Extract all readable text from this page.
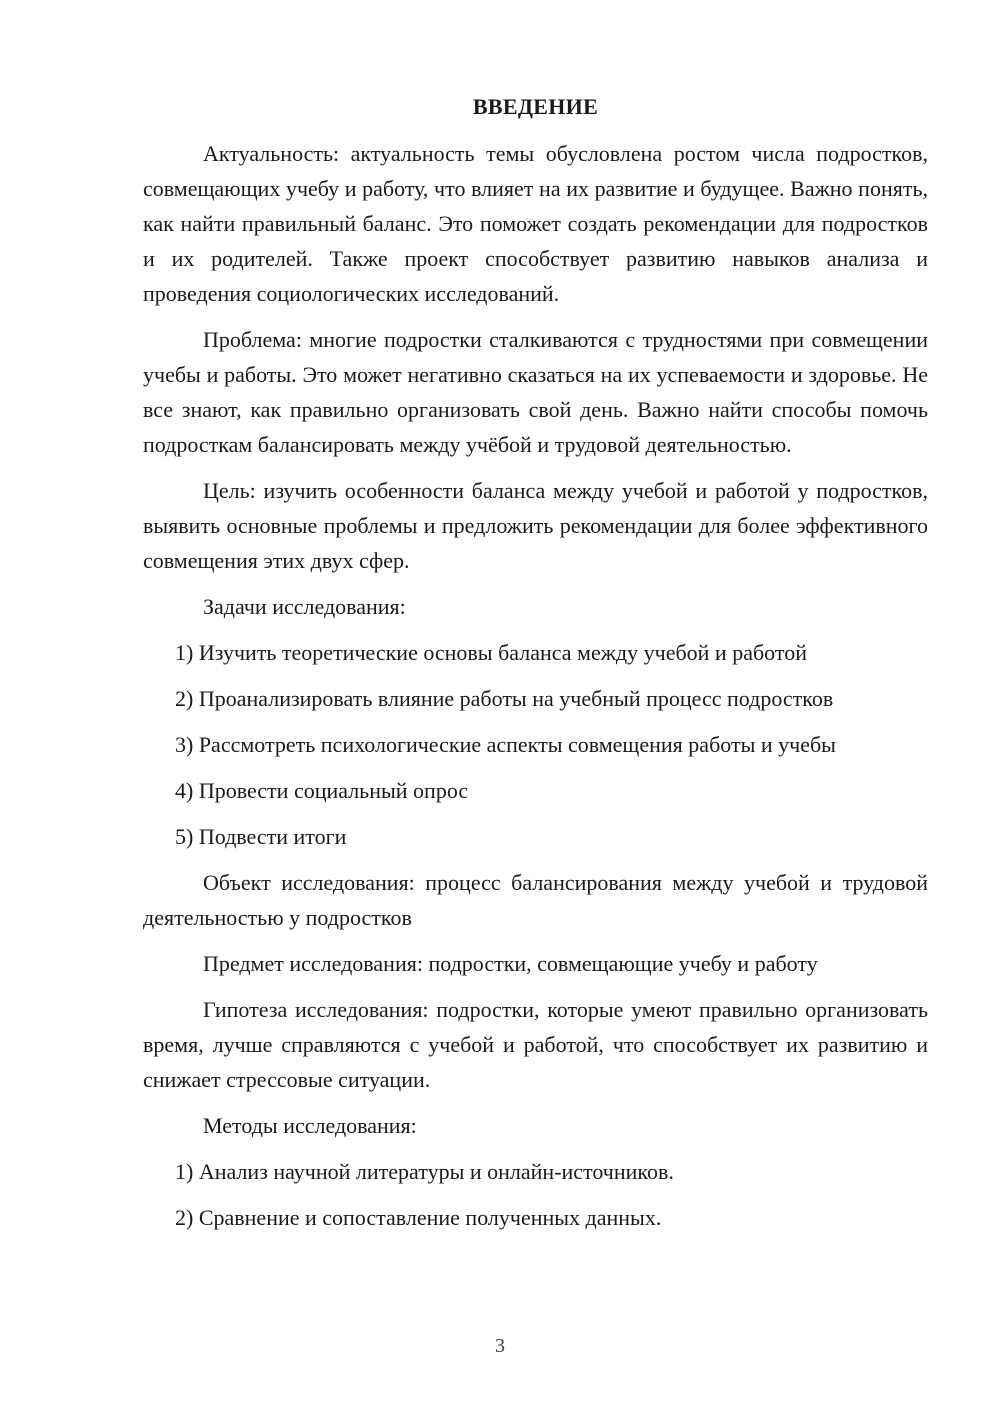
ВВЕДЕНИЕ

Актуальность: актуальность темы обусловлена ростом числа подростков, совмещающих учебу и работу, что влияет на их развитие и будущее. Важно понять, как найти правильный баланс. Это поможет создать рекомендации для подростков и их родителей. Также проект способствует развитию навыков анализа и проведения социологических исследований.

Проблема: многие подростки сталкиваются с трудностями при совмещении учебы и работы. Это может негативно сказаться на их успеваемости и здоровье. Не все знают, как правильно организовать свой день. Важно найти способы помочь подросткам балансировать между учёбой и трудовой деятельностью.

Цель: изучить особенности баланса между учебой и работой у подростков, выявить основные проблемы и предложить рекомендации для более эффективного совмещения этих двух сфер.

Задачи исследования:
1) Изучить теоретические основы баланса между учебой и работой
2) Проанализировать влияние работы на учебный процесс подростков
3) Рассмотреть психологические аспекты совмещения работы и учебы
4) Провести социальный опрос
5) Подвести итоги

Объект исследования: процесс балансирования между учебой и трудовой деятельностью у подростков

Предмет исследования: подростки, совмещающие учебу и работу

Гипотеза исследования: подростки, которые умеют правильно организовать время, лучше справляются с учебой и работой, что способствует их развитию и снижает стрессовые ситуации.

Методы исследования:
1) Анализ научной литературы и онлайн-источников.
2) Сравнение и сопоставление полученных данных.
3
